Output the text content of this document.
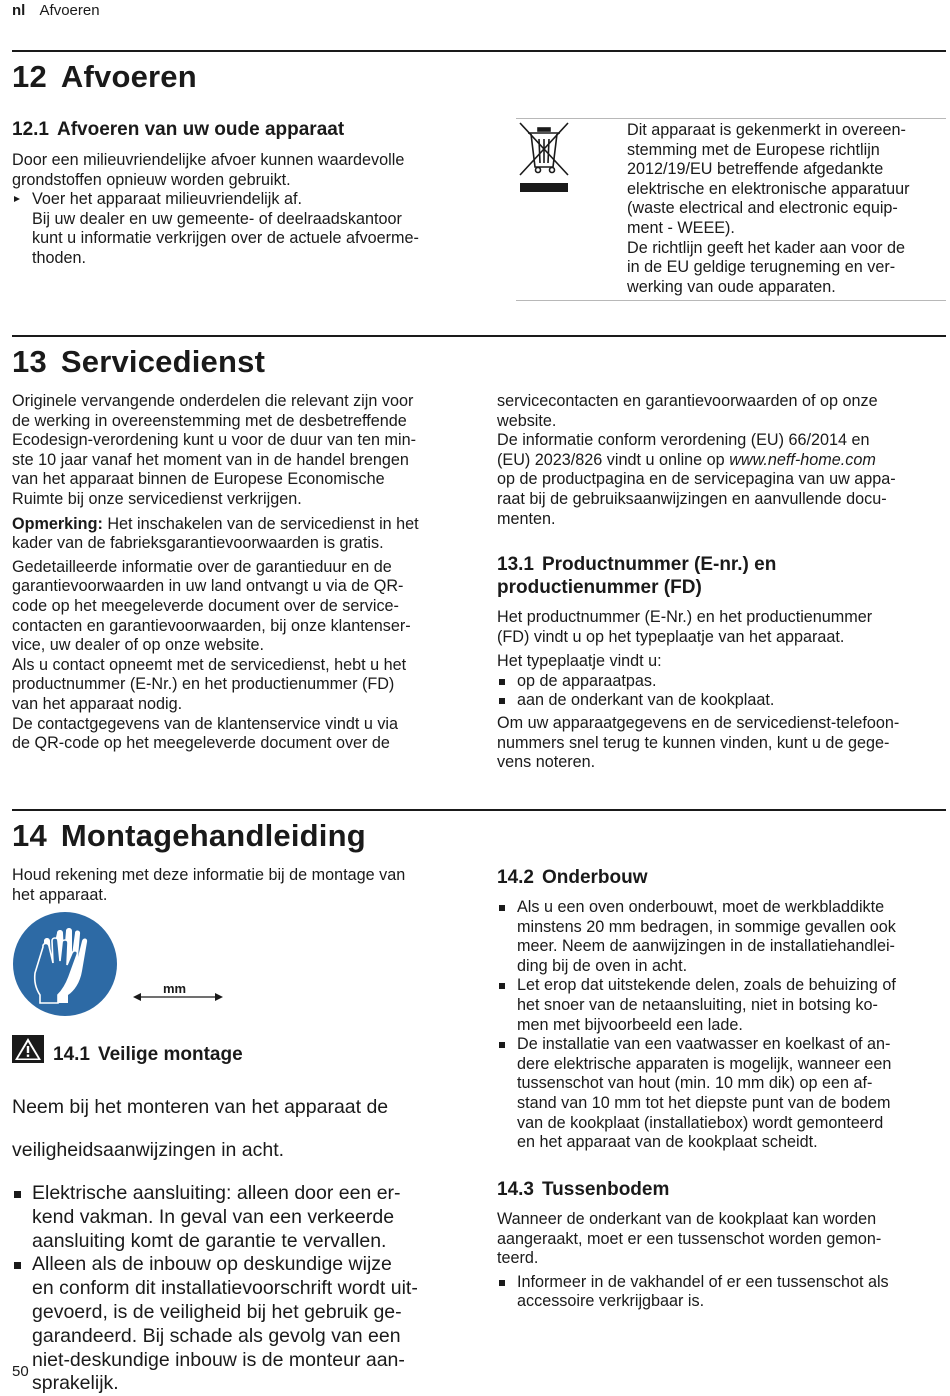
nl Afvoeren
12 Afvoeren
12.1 Afvoeren van uw oude apparaat

Door een milieuvriendelijke afvoer kunnen waardevolle

grondstoffen opnieuw worden gebruikt.

Voer het apparaat milieuvriendelijk af.

Bij uw dealer en uw gemeente- of deelraadskantoor

kunt u informatie verkrijgen over de actuele afvoerme-

thoden.

Dit apparaat is gekenmerkt in overeen-

stemming met de Europese richtlijn

2012/19/EU betreffende afgedankte

elektrische en elektronische apparatuur

(waste electrical and electronic equip-

ment - WEEE).

De richtlijn geeft het kader aan voor de

in de EU geldige terugneming en ver-

werking van oude apparaten.

13 Servicedienst

Originele vervangende onderdelen die relevant zijn voor

de werking in overeenstemming met de desbetreffende

Ecodesign-verordening kunt u voor de duur van ten min-

ste 10 jaar vanaf het moment van in de handel brengen

van het apparaat binnen de Europese Economische

Ruimte bij onze servicedienst verkrijgen.

Opmerking: Het inschakelen van de servicedienst in het

kader van de fabrieksgarantievoorwaarden is gratis.

Gedetailleerde informatie over de garantieduur en de

garantievoorwaarden in uw land ontvangt u via de QR-

code op het meegeleverde document over de service-

contacten en garantievoorwaarden, bij onze klantenser-

vice, uw dealer of op onze website.

Als u contact opneemt met de servicedienst, hebt u het

productnummer (E-Nr.) en het productienummer (FD)

van het apparaat nodig.

De contactgegevens van de klantenservice vindt u via

de QR-code op het meegeleverde document over de

servicecontacten en garantievoorwaarden of op onze

website.

De informatie conform verordening (EU) 66/2014 en

(EU) 2023/826 vindt u online op www.neff-home.com

op de productpagina en de servicepagina van uw appa-

raat bij de gebruiksaanwijzingen en aanvullende docu-

menten.

13.1 Productnummer (E-nr.) en
productienummer (FD)

Het productnummer (E-Nr.) en het productienummer

(FD) vindt u op het typeplaatje van het apparaat.

Het typeplaatje vindt u:

op de apparaatpas.
aan de onderkant van de kookplaat.

Om uw apparaatgegevens en de servicedienst-telefoon-

nummers snel terug te kunnen vinden, kunt u de gege-

vens noteren.

14 Montagehandleiding

Houd rekening met deze informatie bij de montage van

het apparaat.

mm
14.1 Veilige montage

Neem bij het monteren van het apparaat de

veiligheidsaanwijzingen in acht.

Elektrische aansluiting: alleen door een er-
kend vakman. In geval van een verkeerde
aansluiting komt de garantie te vervallen.
Alleen als de inbouw op deskundige wijze
en conform dit installatievoorschrift wordt uit-
gevoerd, is de veiligheid bij het gebruik ge-
garandeerd. Bij schade als gevolg van een
niet-deskundige inbouw is de monteur aan-
sprakelijk.
14.2 Onderbouw
Als u een oven onderbouwt, moet de werkbladdikte
minstens 20 mm bedragen, in sommige gevallen ook
meer. Neem de aanwijzingen in de installatiehandlei-
ding bij de oven in acht.
Let erop dat uitstekende delen, zoals de behuizing of
het snoer van de netaansluiting, niet in botsing ko-
men met bijvoorbeeld een lade.
De installatie van een vaatwasser en koelkast of an-
dere elektrische apparaten is mogelijk, wanneer een
tussenschot van hout (min. 10 mm dik) op een af-
stand van 10 mm tot het diepste punt van de bodem
van de kookplaat (installatiebox) wordt gemonteerd
en het apparaat van de kookplaat scheidt.
14.3 Tussenbodem

Wanneer de onderkant van de kookplaat kan worden

aangeraakt, moet er een tussenschot worden gemon-

teerd.

Informeer in de vakhandel of er een tussenschot als
accessoire verkrijgbaar is.
50
